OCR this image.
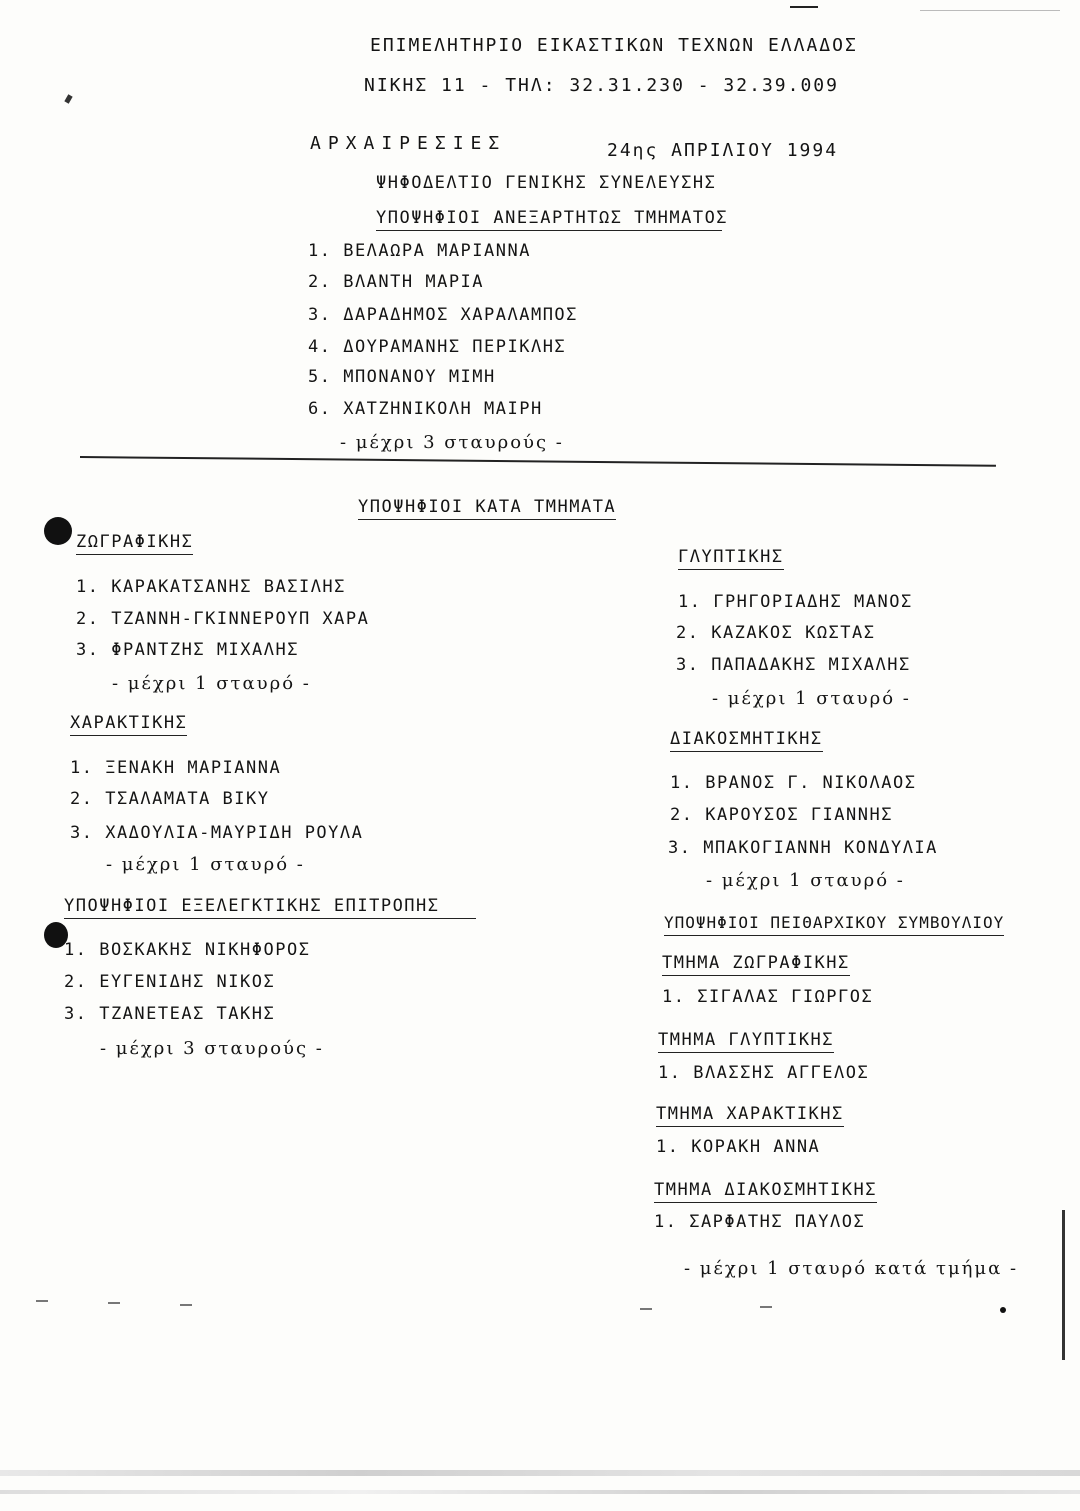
ΕΠΙΜΕΛΗΤΗΡΙΟ ΕΙΚΑΣΤΙΚΩΝ ΤΕΧΝΩΝ ΕΛΛΑΔΟΣ
ΝΙΚΗΣ 11 - ΤΗΛ: 32.31.230 - 32.39.009
ΑΡΧΑΙΡΕΣΙΕΣ	24ης ΑΠΡΙΛΙΟΥ 1994
ΨΗΦΟΔΕΛΤΙΟ ΓΕΝΙΚΗΣ ΣΥΝΕΛΕΥΣΗΣ
ΥΠΟΨΗΦΙΟΙ ΑΝΕΞΑΡΤΗΤΩΣ ΤΜΗΜΑΤΟΣ
1. ΒΕΛΑΩΡΑ ΜΑΡΙΑΝΝΑ
2. ΒΛΑΝΤΗ ΜΑΡΙΑ
3. ΔΑΡΑΔΗΜΟΣ ΧΑΡΑΛΑΜΠΟΣ
4. ΔΟΥΡΑΜΑΝΗΣ ΠΕΡΙΚΛΗΣ
5. ΜΠΟΝΑΝΟΥ ΜΙΜΗ
6. ΧΑΤΖΗΝΙΚΟΛΗ ΜΑΙΡΗ
- μέχρι 3 σταυρούς -
ΥΠΟΨΗΦΙΟΙ ΚΑΤΑ ΤΜΗΜΑΤΑ
ΖΩΓΡΑΦΙΚΗΣ
1. ΚΑΡΑΚΑΤΣΑΝΗΣ ΒΑΣΙΛΗΣ
2. ΤΖΑΝΝΗ-ΓΚΙΝΝΕΡΟΥΠ ΧΑΡΑ
3. ΦΡΑΝΤΖΗΣ ΜΙΧΑΛΗΣ
- μέχρι 1 σταυρό -
ΧΑΡΑΚΤΙΚΗΣ
1. ΞΕΝΑΚΗ ΜΑΡΙΑΝΝΑ
2. ΤΣΑΛΑΜΑΤΑ ΒΙΚΥ
3. ΧΑΔΟΥΛΙΑ-ΜΑΥΡΙΔΗ ΡΟΥΛΑ
- μέχρι 1 σταυρό -
ΥΠΟΨΗΦΙΟΙ ΕΞΕΛΕΓΚΤΙΚΗΣ ΕΠΙΤΡΟΠΗΣ
1. ΒΟΣΚΑΚΗΣ ΝΙΚΗΦΟΡΟΣ
2. ΕΥΓΕΝΙΔΗΣ ΝΙΚΟΣ
3. ΤΖΑΝΕΤΕΑΣ ΤΑΚΗΣ
- μέχρι 3 σταυρούς -
ΓΛΥΠΤΙΚΗΣ
1. ΓΡΗΓΟΡΙΑΔΗΣ ΜΑΝΟΣ
2. ΚΑΖΑΚΟΣ ΚΩΣΤΑΣ
3. ΠΑΠΑΔΑΚΗΣ ΜΙΧΑΛΗΣ
- μέχρι 1 σταυρό -
ΔΙΑΚΟΣΜΗΤΙΚΗΣ
1. ΒΡΑΝΟΣ Γ. ΝΙΚΟΛΑΟΣ
2. ΚΑΡΟΥΣΟΣ ΓΙΑΝΝΗΣ
3. ΜΠΑΚΟΓΙΑΝΝΗ ΚΟΝΔΥΛΙΑ
- μέχρι 1 σταυρό -
ΥΠΟΨΗΦΙΟΙ ΠΕΙΘΑΡΧΙΚΟΥ ΣΥΜΒΟΥΛΙΟΥ
ΤΜΗΜΑ ΖΩΓΡΑΦΙΚΗΣ
1. ΣΙΓΑΛΑΣ ΓΙΩΡΓΟΣ
ΤΜΗΜΑ ΓΛΥΠΤΙΚΗΣ
1. ΒΛΑΣΣΗΣ ΑΓΓΕΛΟΣ
ΤΜΗΜΑ ΧΑΡΑΚΤΙΚΗΣ
1. ΚΟΡΑΚΗ ΑΝΝΑ
ΤΜΗΜΑ ΔΙΑΚΟΣΜΗΤΙΚΗΣ
1. ΣΑΡΦΑΤΗΣ ΠΑΥΛΟΣ
- μέχρι 1 σταυρό κατά τμήμα -
